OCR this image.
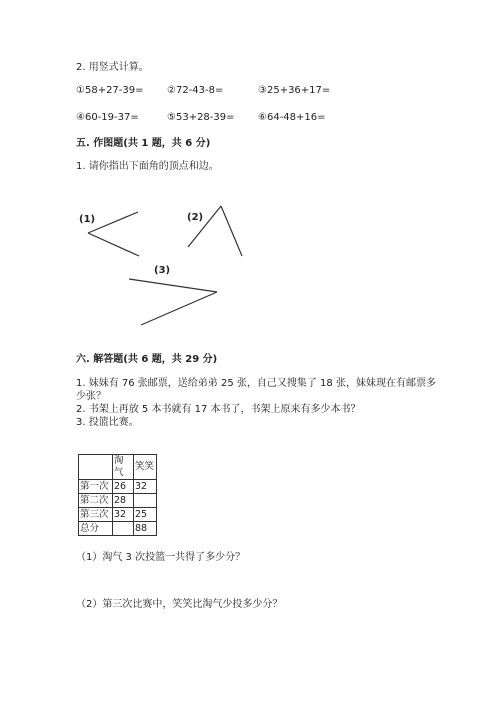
2. 用竖式计算。
①58+27-39= ②72-43-8=	③25+36+17=
④60-19-37=	⑤53+28-39= ⑥64-48+16=
五. 作图题(共 1 题，共 6 分)
1. 请你指出下面角的顶点和边。
(1)	(2)
(3)
六. 解答题(共 6 题，共 29 分)
1. 妹妹有 76 张邮票，送给弟弟 25 张，自己又搜集了 18 张，妹妹现在有邮票多
少张？
2. 书架上再放 5 本书就有 17 本书了，书架上原来有多少本书？
3. 投篮比赛。
	淘气	笑笑
第一次	26	32
第二次	28	
第三次	32	25
总分		88
（1）淘气 3 次投篮一共得了多少分？
（2）第三次比赛中，笑笑比淘气少投多少分？
